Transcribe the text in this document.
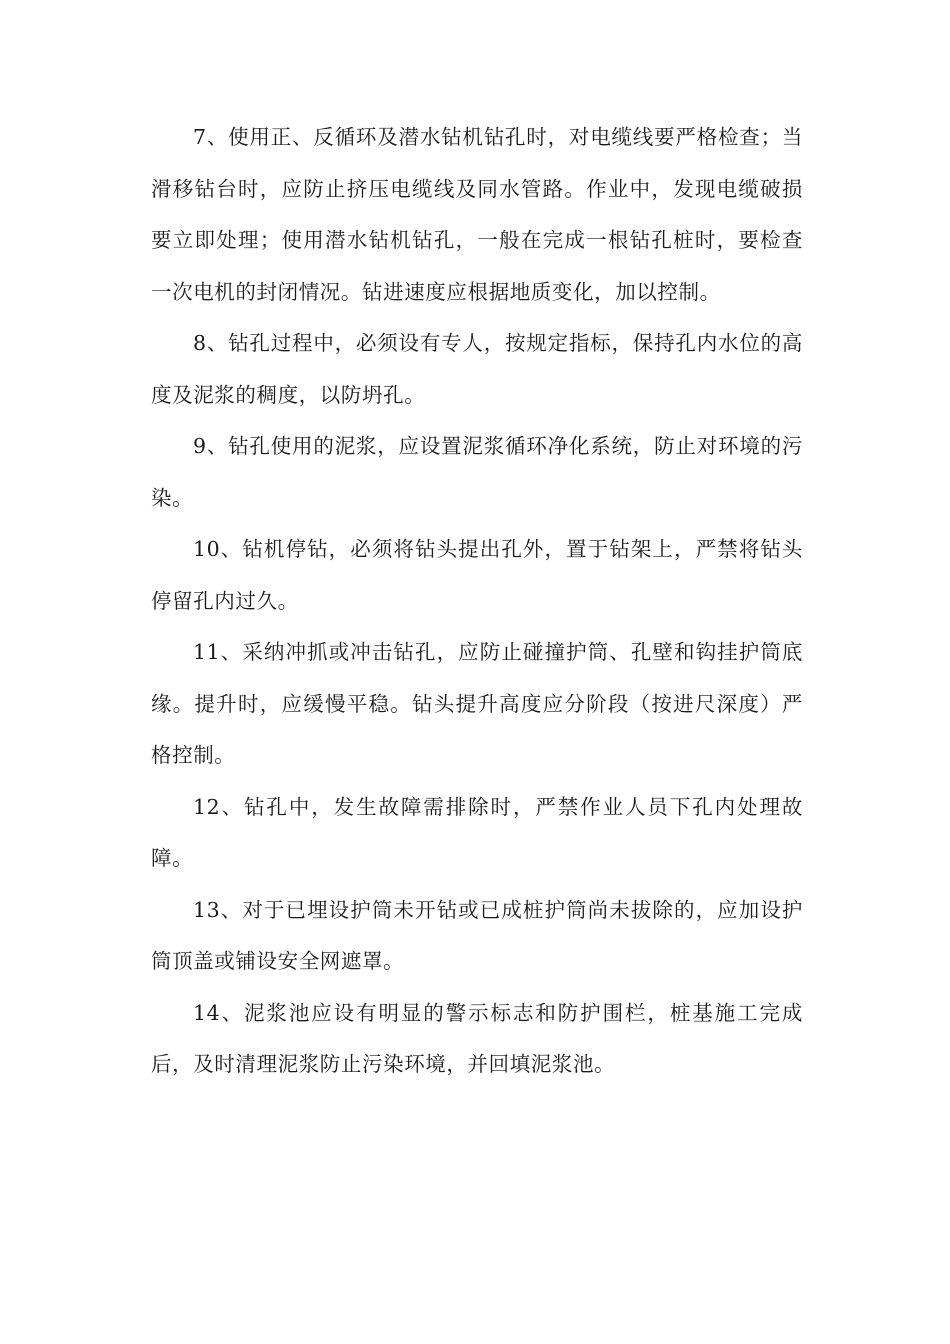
7、使用正、反循环及潜水钻机钻孔时，对电缆线要严格检查；当滑移钻台时，应防止挤压电缆线及同水管路。作业中，发现电缆破损要立即处理；使用潜水钻机钻孔，一般在完成一根钻孔桩时，要检查一次电机的封闭情况。钻进速度应根据地质变化，加以控制。

8、钻孔过程中，必须设有专人，按规定指标，保持孔内水位的高度及泥浆的稠度，以防坍孔。

9、钻孔使用的泥浆，应设置泥浆循环净化系统，防止对环境的污染。

10、钻机停钻，必须将钻头提出孔外，置于钻架上，严禁将钻头停留孔内过久。

11、采纳冲抓或冲击钻孔，应防止碰撞护筒、孔壁和钩挂护筒底缘。提升时，应缓慢平稳。钻头提升高度应分阶段（按进尺深度）严格控制。

12、钻孔中，发生故障需排除时，严禁作业人员下孔内处理故障。

13、对于已埋设护筒未开钻或已成桩护筒尚未拔除的，应加设护筒顶盖或铺设安全网遮罩。

14、泥浆池应设有明显的警示标志和防护围栏，桩基施工完成后，及时清理泥浆防止污染环境，并回填泥浆池。
